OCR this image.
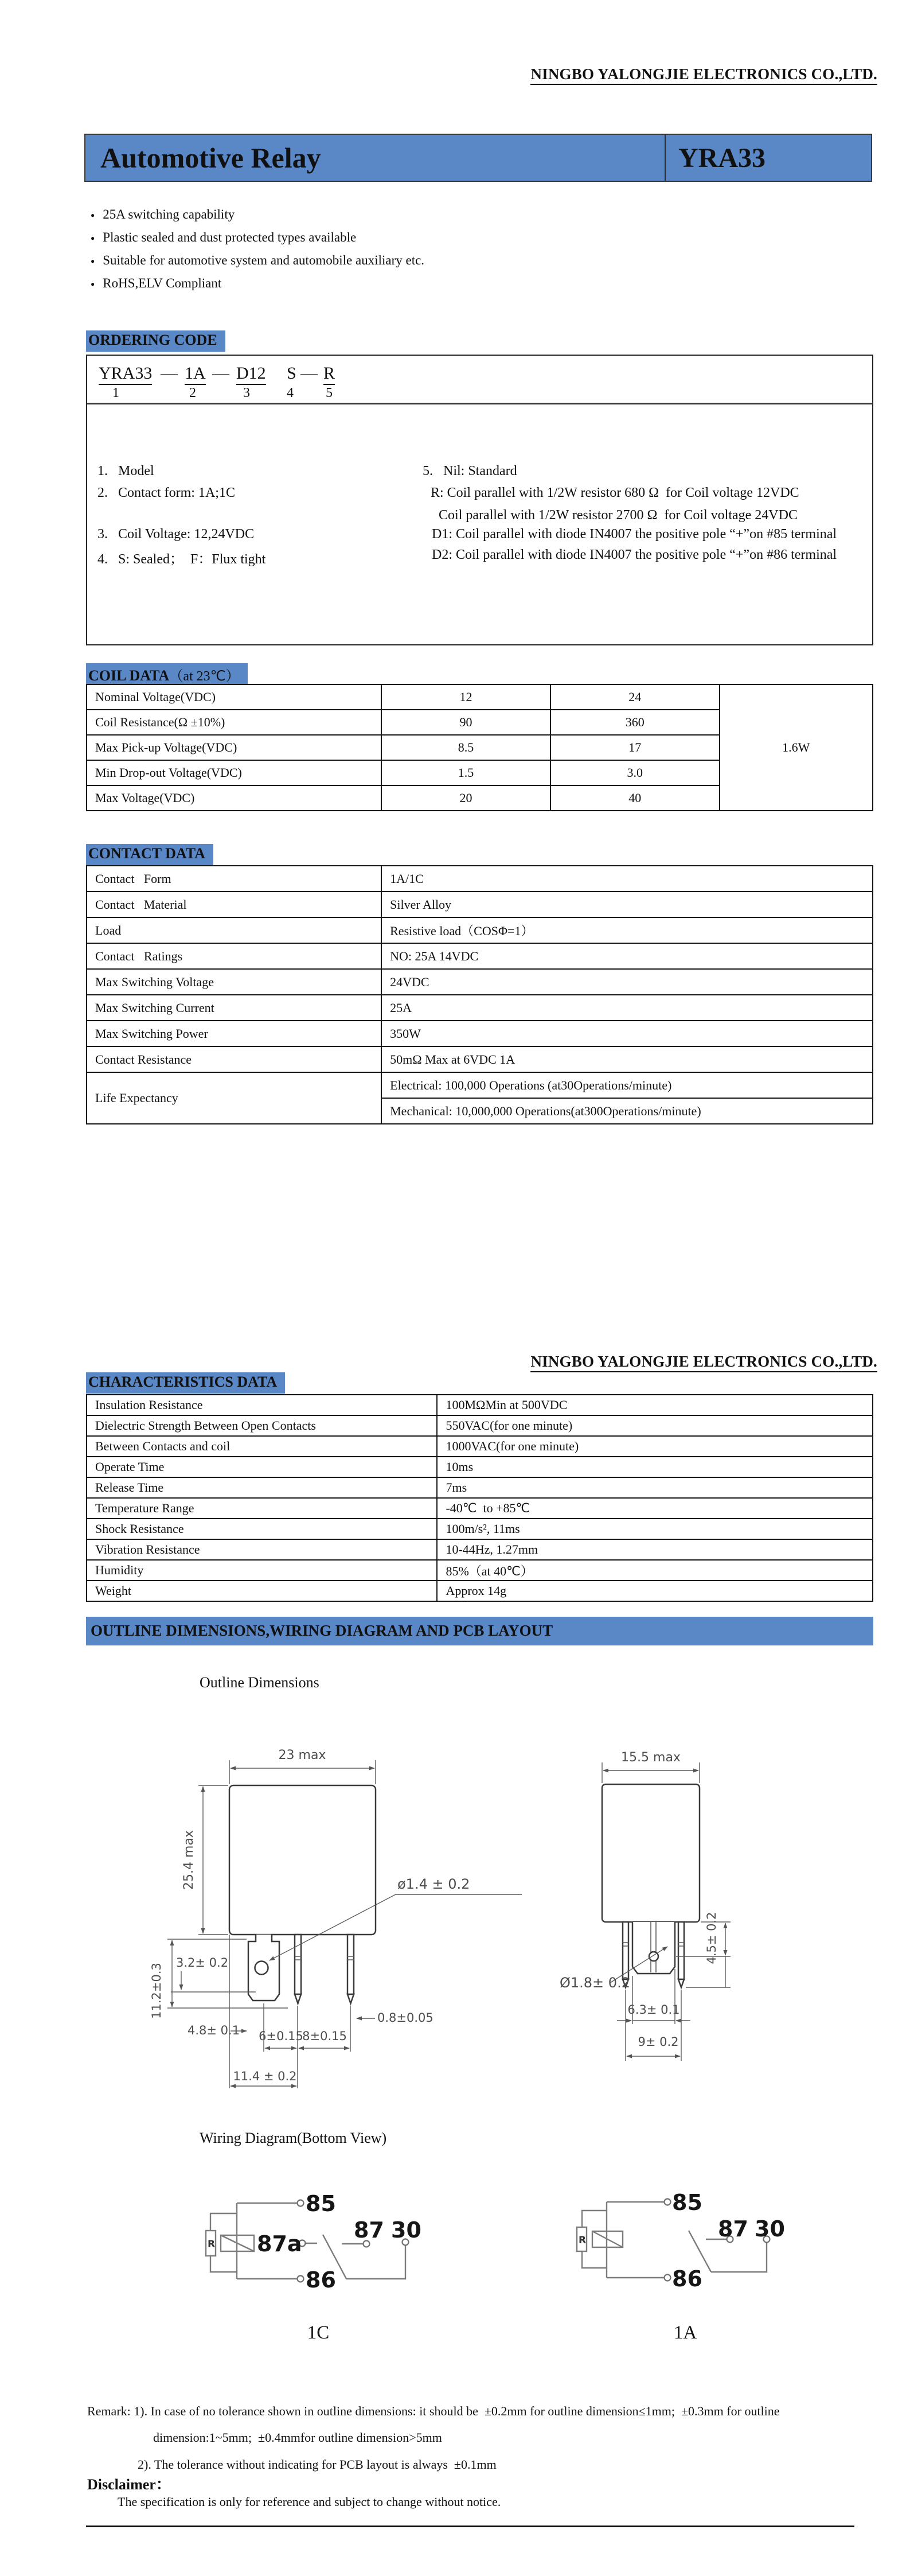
NINGBO YALONGJIE ELECTRONICS CO.,LTD.
Automotive Relay	YRA33
● 25A switching capability
● Plastic sealed and dust protected types available
● Suitable for automotive system and automobile auxiliary etc.
● RoHS,ELV Compliant
ORDERING CODE
YRA33 — 1A — D12 S — R
1	2	3	4 5
1.   Model
2.   Contact form: 1A;1C
3.   Coil Voltage: 12,24VDC
4.   S: Sealed；  F：Flux tight
5.   Nil: Standard
R: Coil parallel with 1/2W resistor 680 Ω  for Coil voltage 12VDC
Coil parallel with 1/2W resistor 2700 Ω  for Coil voltage 24VDC
D1: Coil parallel with diode IN4007 the positive pole “+”on #85 terminal
D2: Coil parallel with diode IN4007 the positive pole “+”on #86 terminal
COIL DATA（at 23℃）
Nominal Voltage(VDC)	12	24	1.6W
Coil Resistance(Ω ±10%)	90	360	
Max Pick-up Voltage(VDC)	8.5	17	
Min Drop-out Voltage(VDC)	1.5	3.0	
Max Voltage(VDC)	20	40	
CONTACT DATA
Contact   Form	1A/1C
Contact   Material	Silver Alloy
Load	Resistive load（COSΦ=1）
Contact   Ratings	NO: 25A 14VDC
Max Switching Voltage	24VDC
Max Switching Current	25A
Max Switching Power	350W
Contact Resistance	50mΩ Max at 6VDC 1A
Life Expectancy	Electrical: 100,000 Operations (at30Operations/minute)
	Mechanical: 10,000,000 Operations(at300Operations/minute)
NINGBO YALONGJIE ELECTRONICS CO.,LTD.
CHARACTERISTICS DATA
Insulation Resistance	100MΩMin at 500VDC
Dielectric Strength Between Open Contacts	550VAC(for one minute)
Between Contacts and coil	1000VAC(for one minute)
Operate Time	10ms
Release Time	7ms
Temperature Range	-40℃  to +85℃
Shock Resistance	100m/s², 11ms
Vibration Resistance	10-44Hz, 1.27mm
Humidity	85%（at 40℃）
Weight	Approx 14g
OUTLINE DIMENSIONS,WIRING DIAGRAM AND PCB LAYOUT
Outline Dimensions
23 max
25.4 max	ø1.4 ± 0.2
3.2± 0.2
11.2±0.3
4.8± 0.1 6±0.15
8±0.15
0.8±0.05
11.4 ± 0.2
15.5 max
Ø1.8± 0.2
4.5± 0.2
6.3± 0.1
9± 0.2
Wiring Diagram(Bottom View)
R
85
86
87a
87 30
1C
R
85
86
87 30
1A
Remark: 1). In case of no tolerance shown in outline dimensions: it should be  ±0.2mm for outline dimension≤1mm;  ±0.3mm for outline
dimension:1~5mm;  ±0.4mmfor outline dimension>5mm
2). The tolerance without indicating for PCB layout is always  ±0.1mm
Disclaimer：
The specification is only for reference and subject to change without notice.
